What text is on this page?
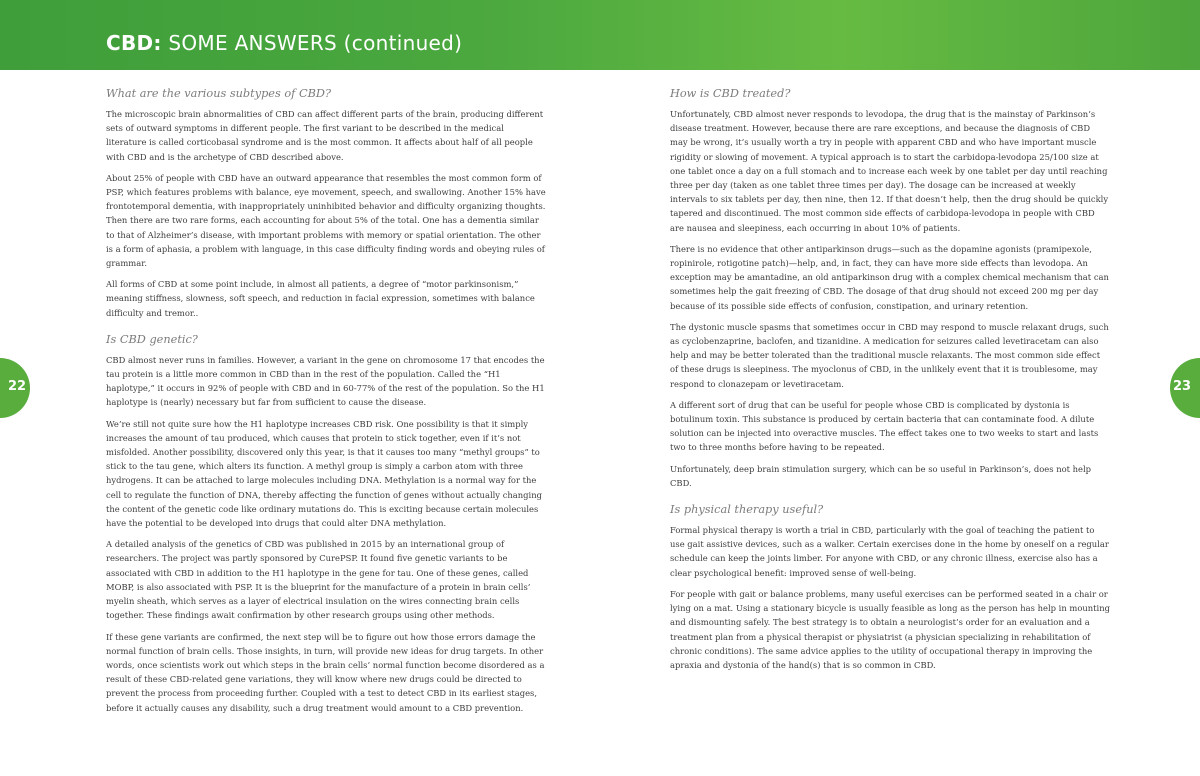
CBD: SOME ANSWERS (continued)
22	23
What are the various subtypes of CBD?

The microscopic brain abnormalities of CBD can affect different parts of the brain, producing different sets of outward symptoms in different people. The first variant to be described in the medical literature is called corticobasal syndrome and is the most common. It affects about half of all people with CBD and is the archetype of CBD described above.

About 25% of people with CBD have an outward appearance that resembles the most common form of PSP, which features problems with balance, eye movement, speech, and swallowing. Another 15% have frontotemporal dementia, with inappropriately uninhibited behavior and difficulty organizing thoughts. Then there are two rare forms, each accounting for about 5% of the total. One has a dementia similar to that of Alzheimer’s disease, with important problems with memory or spatial orientation. The other is a form of aphasia, a problem with language, in this case difficulty finding words and obeying rules of grammar.

All forms of CBD at some point include, in almost all patients, a degree of “motor parkinsonism,” meaning stiffness, slowness, soft speech, and reduction in facial expression, sometimes with balance difficulty and tremor..

Is CBD genetic?

CBD almost never runs in families. However, a variant in the gene on chromosome 17 that encodes the tau protein is a little more common in CBD than in the rest of the population. Called the “H1 haplotype,” it occurs in 92% of people with CBD and in 60-77% of the rest of the population. So the H1 haplotype is (nearly) necessary but far from sufficient to cause the disease.

We’re still not quite sure how the H1 haplotype increases CBD risk. One possibility is that it simply increases the amount of tau produced, which causes that protein to stick together, even if it’s not misfolded. Another possibility, discovered only this year, is that it causes too many “methyl groups” to stick to the tau gene, which alters its function. A methyl group is simply a carbon atom with three hydrogens. It can be attached to large molecules including DNA. Methylation is a normal way for the cell to regulate the function of DNA, thereby affecting the function of genes without actually changing the content of the genetic code like ordinary mutations do. This is exciting because certain molecules have the potential to be developed into drugs that could alter DNA methylation.

A detailed analysis of the genetics of CBD was published in 2015 by an international group of researchers. The project was partly sponsored by CurePSP. It found five genetic variants to be associated with CBD in addition to the H1 haplotype in the gene for tau. One of these genes, called MOBP, is also associated with PSP. It is the blueprint for the manufacture of a protein in brain cells’ myelin sheath, which serves as a layer of electrical insulation on the wires connecting brain cells together. These findings await confirmation by other research groups using other methods.

If these gene variants are confirmed, the next step will be to figure out how those errors damage the normal function of brain cells. Those insights, in turn, will provide new ideas for drug targets. In other words, once scientists work out which steps in the brain cells’ normal function become disordered as a result of these CBD-related gene variations, they will know where new drugs could be directed to prevent the process from proceeding further. Coupled with a test to detect CBD in its earliest stages, before it actually causes any disability, such a drug treatment would amount to a CBD prevention.

How is CBD treated?

Unfortunately, CBD almost never responds to levodopa, the drug that is the mainstay of Parkinson’s disease treatment. However, because there are rare exceptions, and because the diagnosis of CBD may be wrong, it’s usually worth a try in people with apparent CBD and who have important muscle rigidity or slowing of movement. A typical approach is to start the carbidopa-levodopa 25/100 size at one tablet once a day on a full stomach and to increase each week by one tablet per day until reaching three per day (taken as one tablet three times per day). The dosage can be increased at weekly intervals to six tablets per day, then nine, then 12. If that doesn’t help, then the drug should be quickly tapered and discontinued. The most common side effects of carbidopa-levodopa in people with CBD are nausea and sleepiness, each occurring in about 10% of patients.

There is no evidence that other antiparkinson drugs—such as the dopamine agonists (pramipexole, ropinirole, rotigotine patch)—help, and, in fact, they can have more side effects than levodopa. An exception may be amantadine, an old antiparkinson drug with a complex chemical mechanism that can sometimes help the gait freezing of CBD. The dosage of that drug should not exceed 200 mg per day because of its possible side effects of confusion, constipation, and urinary retention.

The dystonic muscle spasms that sometimes occur in CBD may respond to muscle relaxant drugs, such as cyclobenzaprine, baclofen, and tizanidine. A medication for seizures called levetiracetam can also help and may be better tolerated than the traditional muscle relaxants. The most common side effect of these drugs is sleepiness. The myoclonus of CBD, in the unlikely event that it is troublesome, may respond to clonazepam or levetiracetam.

A different sort of drug that can be useful for people whose CBD is complicated by dystonia is botulinum toxin. This substance is produced by certain bacteria that can contaminate food. A dilute solution can be injected into overactive muscles. The effect takes one to two weeks to start and lasts two to three months before having to be repeated.

Unfortunately, deep brain stimulation surgery, which can be so useful in Parkinson’s, does not help CBD.

Is physical therapy useful?

Formal physical therapy is worth a trial in CBD, particularly with the goal of teaching the patient to use gait assistive devices, such as a walker. Certain exercises done in the home by oneself on a regular schedule can keep the joints limber. For anyone with CBD, or any chronic illness, exercise also has a clear psychological benefit: improved sense of well-being.

For people with gait or balance problems, many useful exercises can be performed seated in a chair or lying on a mat. Using a stationary bicycle is usually feasible as long as the person has help in mounting and dismounting safely. The best strategy is to obtain a neurologist’s order for an evaluation and a treatment plan from a physical therapist or physiatrist (a physician specializing in rehabilitation of chronic conditions). The same advice applies to the utility of occupational therapy in improving the apraxia and dystonia of the hand(s) that is so common in CBD.
